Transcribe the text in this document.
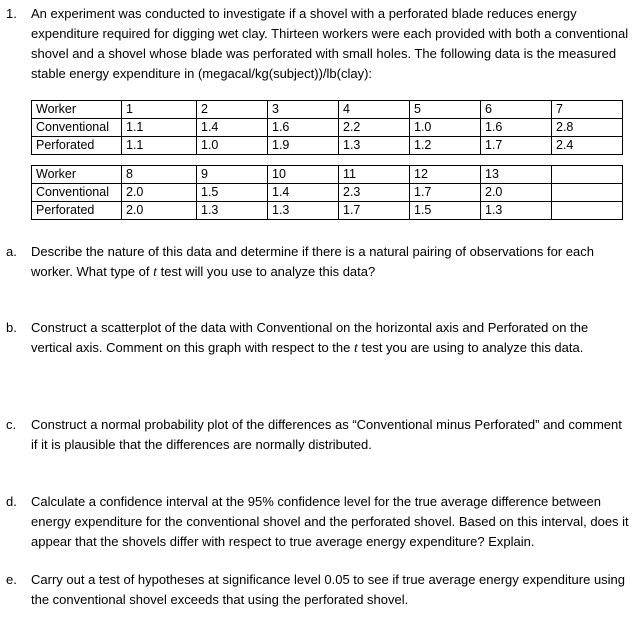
1. An experiment was conducted to investigate if a shovel with a perforated blade reduces energy expenditure required for digging wet clay. Thirteen workers were each provided with both a conventional shovel and a shovel whose blade was perforated with small holes. The following data is the measured stable energy expenditure in (megacal/kg(subject))/lb(clay):
Worker	1	2	3	4	5	6	7
Conventional	1.1	1.4	1.6	2.2	1.0	1.6	2.8
Perforated	1.1	1.0	1.9	1.3	1.2	1.7	2.4
Worker	8	9	10	11	12	13	
Conventional	2.0	1.5	1.4	2.3	1.7	2.0	
Perforated	2.0	1.3	1.3	1.7	1.5	1.3	
a. Describe the nature of this data and determine if there is a natural pairing of observations for each worker. What type of t test will you use to analyze this data?
b. Construct a scatterplot of the data with Conventional on the horizontal axis and Perforated on the vertical axis. Comment on this graph with respect to the t test you are using to analyze this data.
c. Construct a normal probability plot of the differences as “Conventional minus Perforated” and comment if it is plausible that the differences are normally distributed.
d. Calculate a confidence interval at the 95% confidence level for the true average difference between energy expenditure for the conventional shovel and the perforated shovel. Based on this interval, does it appear that the shovels differ with respect to true average energy expenditure? Explain.
e. Carry out a test of hypotheses at significance level 0.05 to see if true average energy expenditure using the conventional shovel exceeds that using the perforated shovel.
